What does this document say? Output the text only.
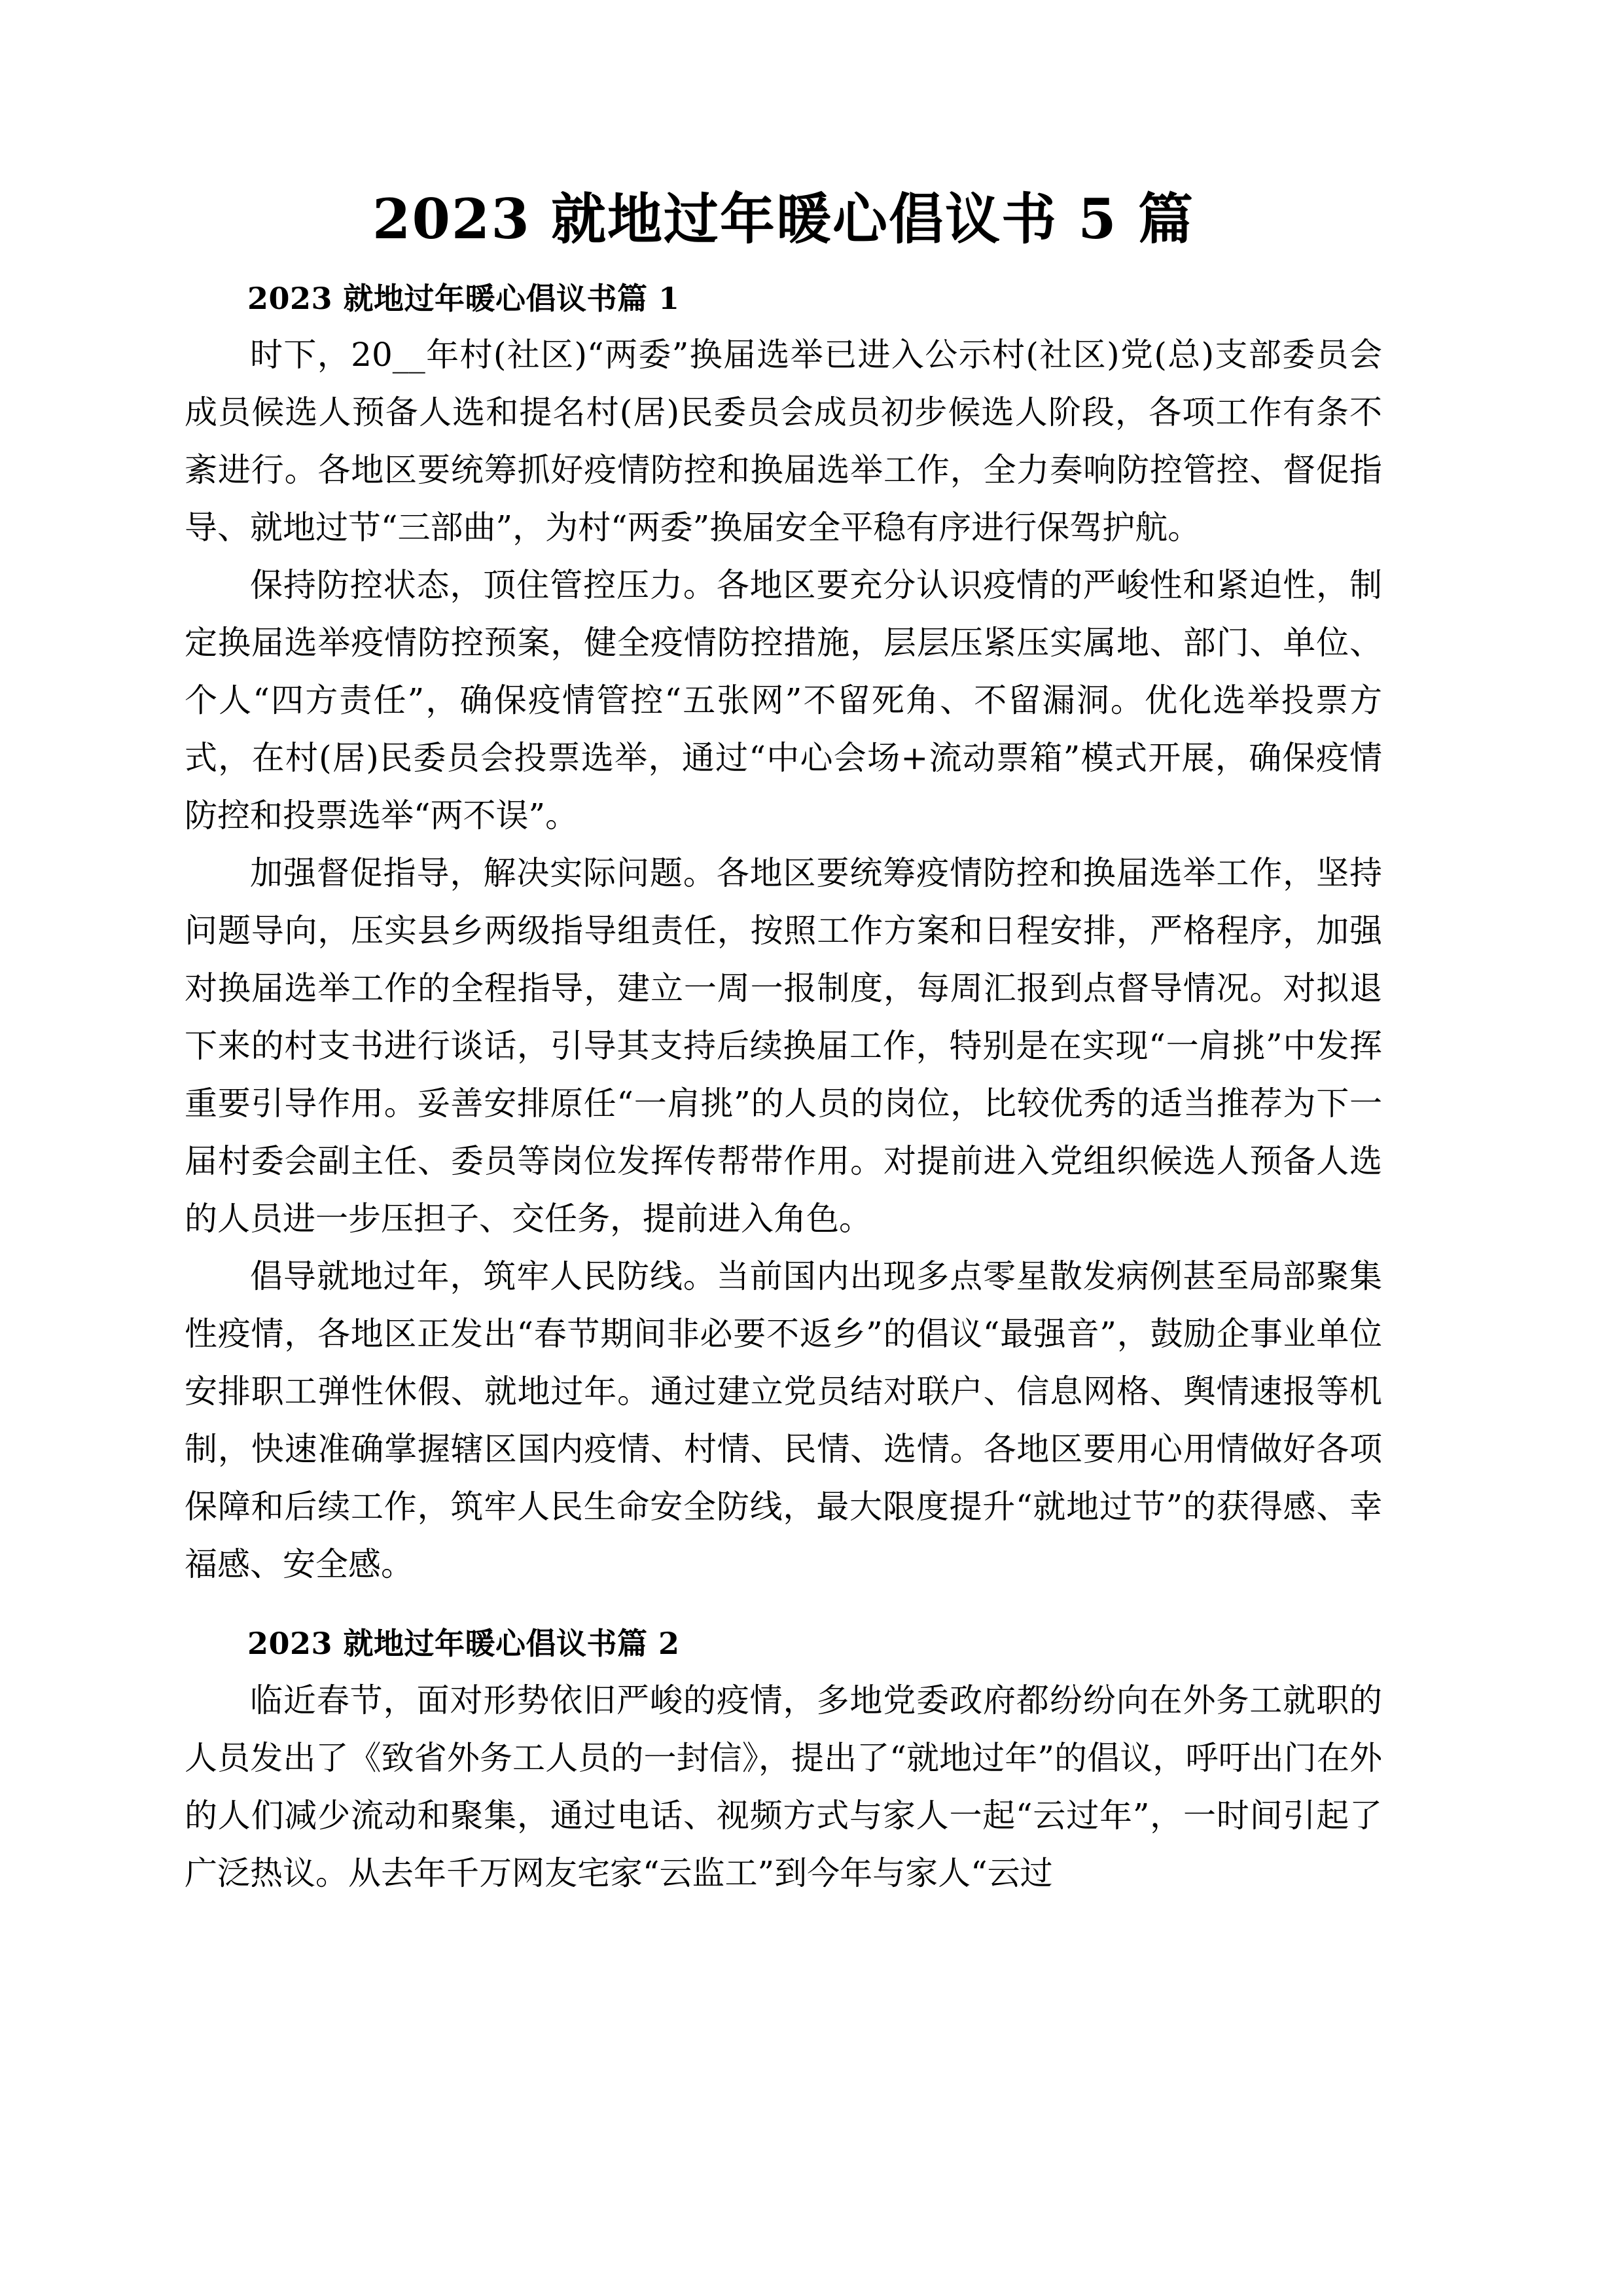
2023 就地过年暖心倡议书 5 篇
2023 就地过年暖心倡议书篇 1

时下，20__年村(社区)“两委”换届选举已进入公示村(社区)党(总)支部委员会成员候选人预备人选和提名村(居)民委员会成员初步候选人阶段，各项工作有条不紊进行。各地区要统筹抓好疫情防控和换届选举工作，全力奏响防控管控、督促指导、就地过节“三部曲”，为村“两委”换届安全平稳有序进行保驾护航。

保持防控状态，顶住管控压力。各地区要充分认识疫情的严峻性和紧迫性，制定换届选举疫情防控预案，健全疫情防控措施，层层压紧压实属地、部门、单位、个人“四方责任”，确保疫情管控“五张网”不留死角、不留漏洞。优化选举投票方式，在村(居)民委员会投票选举，通过“中心会场+流动票箱”模式开展，确保疫情防控和投票选举“两不误”。

加强督促指导，解决实际问题。各地区要统筹疫情防控和换届选举工作，坚持问题导向，压实县乡两级指导组责任，按照工作方案和日程安排，严格程序，加强对换届选举工作的全程指导，建立一周一报制度，每周汇报到点督导情况。对拟退下来的村支书进行谈话，引导其支持后续换届工作，特别是在实现“一肩挑”中发挥重要引导作用。妥善安排原任“一肩挑”的人员的岗位，比较优秀的适当推荐为下一届村委会副主任、委员等岗位发挥传帮带作用。对提前进入党组织候选人预备人选的人员进一步压担子、交任务，提前进入角色。

倡导就地过年，筑牢人民防线。当前国内出现多点零星散发病例甚至局部聚集性疫情，各地区正发出“春节期间非必要不返乡”的倡议“最强音”，鼓励企事业单位安排职工弹性休假、就地过年。通过建立党员结对联户、信息网格、舆情速报等机制，快速准确掌握辖区国内疫情、村情、民情、选情。各地区要用心用情做好各项保障和后续工作，筑牢人民生命安全防线，最大限度提升“就地过节”的获得感、幸福感、安全感。

2023 就地过年暖心倡议书篇 2

临近春节，面对形势依旧严峻的疫情，多地党委政府都纷纷向在外务工就职的人员发出了《致省外务工人员的一封信》，提出了“就地过年”的倡议，呼吁出门在外的人们减少流动和聚集，通过电话、视频方式与家人一起“云过年”，一时间引起了广泛热议。从去年千万网友宅家“云监工”到今年与家人“云过
